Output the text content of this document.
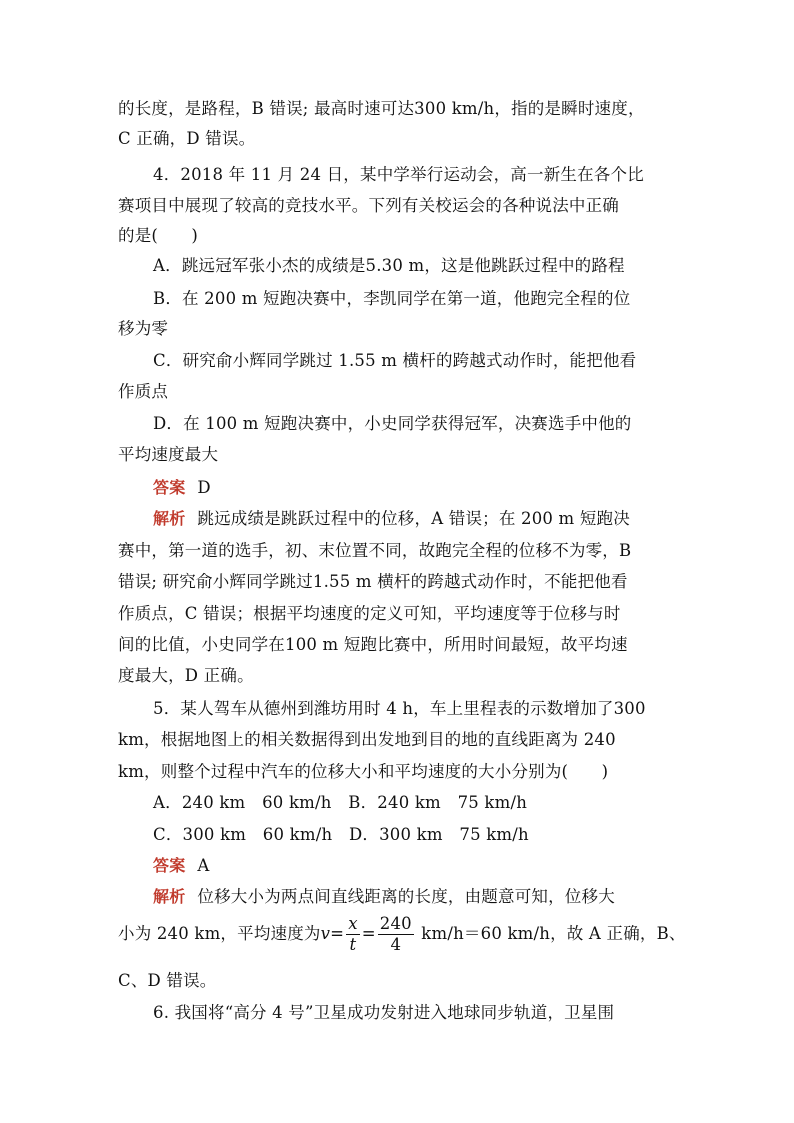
的长度，是路程，B 错误; 最高时速可达300 km/h，指的是瞬时速度，
C 正确，D 错误。
4．2018 年 11 月 24 日，某中学举行运动会，高一新生在各个比
赛项目中展现了较高的竞技水平。下列有关校运会的各种说法中正确
的是(　　)
A．跳远冠军张小杰的成绩是5.30 m，这是他跳跃过程中的路程
B．在 200 m 短跑决赛中，李凯同学在第一道，他跑完全程的位
移为零
C．研究俞小辉同学跳过 1.55 m 横杆的跨越式动作时，能把他看
作质点
D．在 100 m 短跑决赛中，小史同学获得冠军，决赛选手中他的
平均速度最大
答案 D
解析 跳远成绩是跳跃过程中的位移，A 错误；在 200 m 短跑决
赛中，第一道的选手，初、末位置不同，故跑完全程的位移不为零，B
错误; 研究俞小辉同学跳过1.55 m 横杆的跨越式动作时，不能把他看
作质点，C 错误；根据平均速度的定义可知，平均速度等于位移与时
间的比值，小史同学在100 m 短跑比赛中，所用时间最短，故平均速
度最大，D 正确。
5．某人驾车从德州到潍坊用时 4 h，车上里程表的示数增加了300
km，根据地图上的相关数据得到出发地到目的地的直线距离为 240
km，则整个过程中汽车的位移大小和平均速度的大小分别为(　　)
A．240 km　60 km/h　B．240 km　75 km/h
C．300 km　60 km/h　D．300 km　75 km/h
答案 A
解析 位移大小为两点间直线距离的长度，由题意可知，位移大
小为 240 km，平均速度为$v= \frac{x}{t} = \frac{240}{4} km/h=60$ km/h，故 A 正确，B、
C、D 错误。
6. 我国将“高分 4 号”卫星成功发射进入地球同步轨道，卫星围
